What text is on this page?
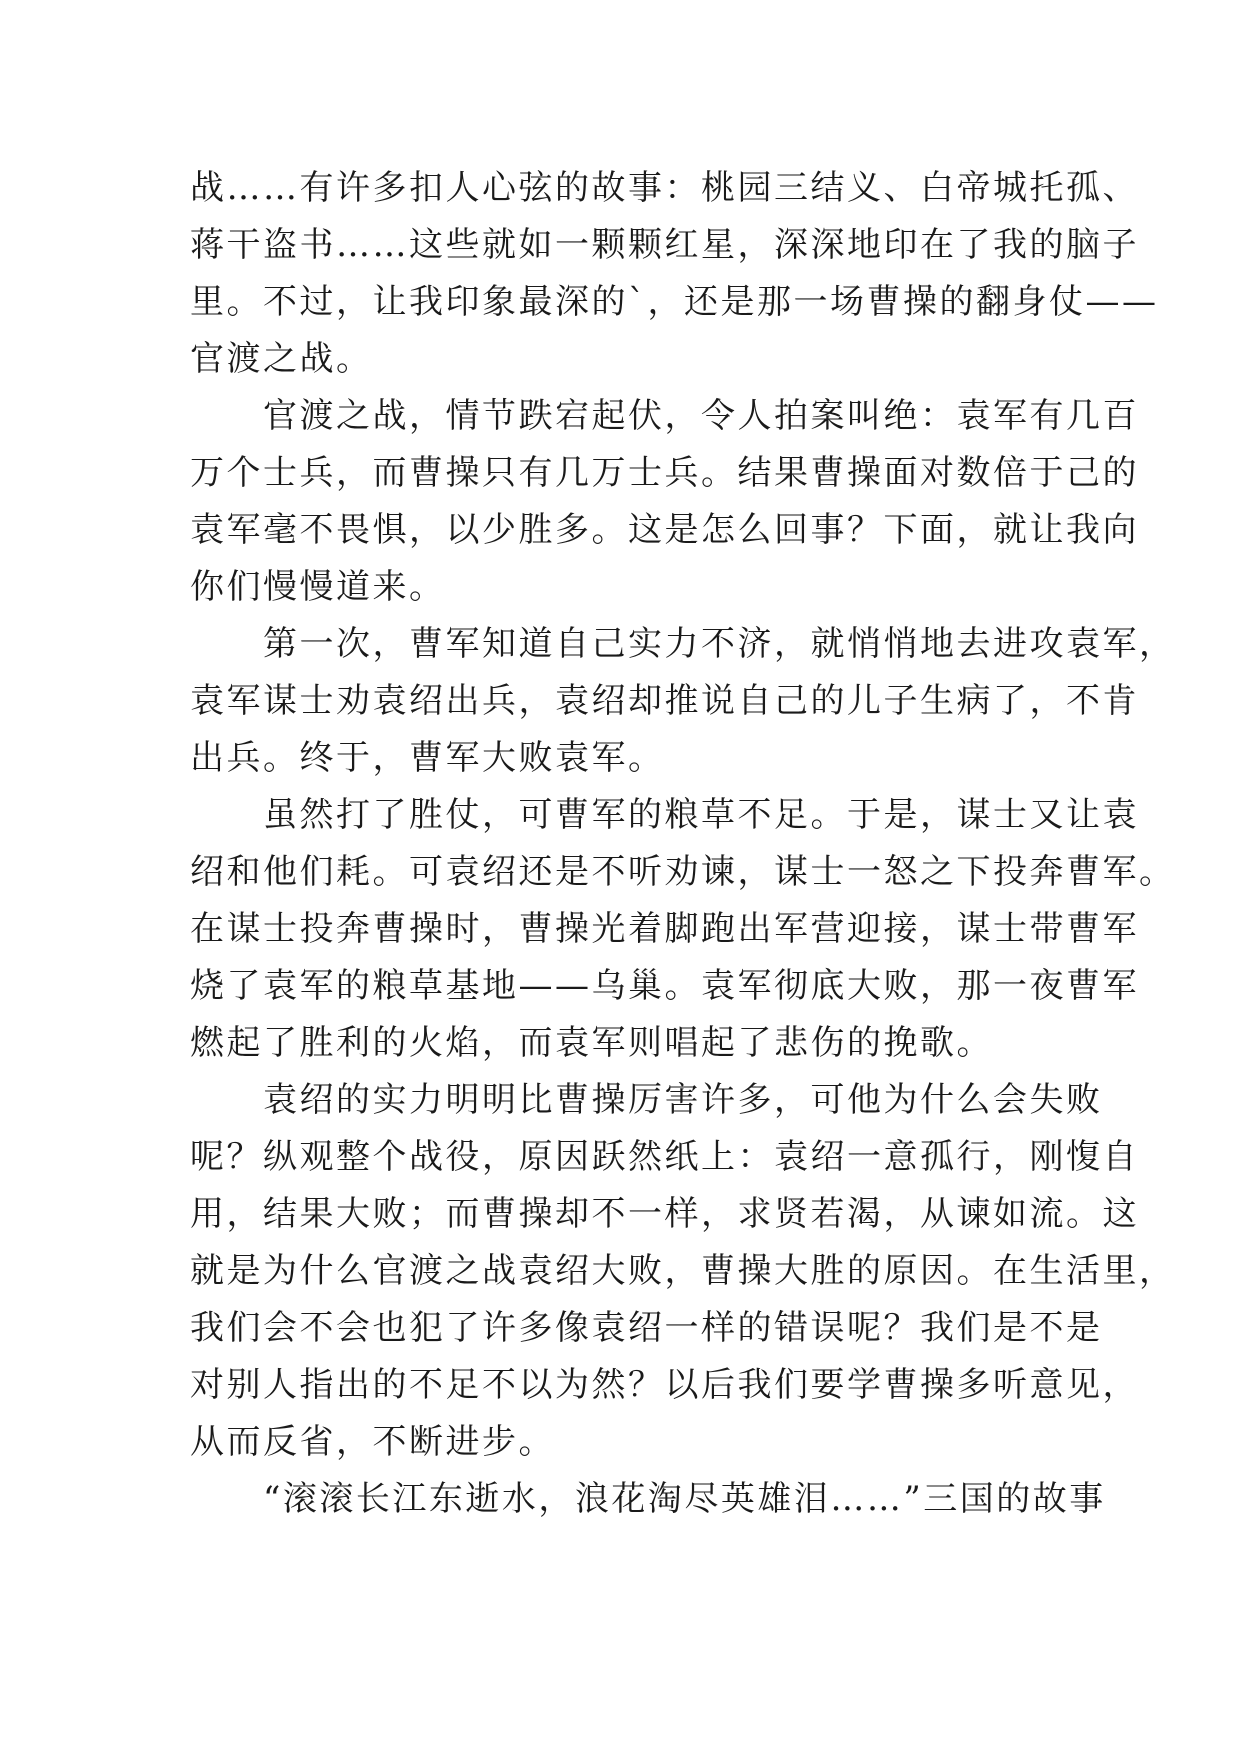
战……有许多扣人心弦的故事：桃园三结义、白帝城托孤、
蒋干盗书……这些就如一颗颗红星，深深地印在了我的脑子
里。不过，让我印象最深的`，还是那一场曹操的翻身仗——
官渡之战。
　　官渡之战，情节跌宕起伏，令人拍案叫绝：袁军有几百
万个士兵，而曹操只有几万士兵。结果曹操面对数倍于己的
袁军毫不畏惧，以少胜多。这是怎么回事？下面，就让我向
你们慢慢道来。
　　第一次，曹军知道自己实力不济，就悄悄地去进攻袁军，
袁军谋士劝袁绍出兵，袁绍却推说自己的儿子生病了，不肯
出兵。终于，曹军大败袁军。
　　虽然打了胜仗，可曹军的粮草不足。于是，谋士又让袁
绍和他们耗。可袁绍还是不听劝谏，谋士一怒之下投奔曹军。
在谋士投奔曹操时，曹操光着脚跑出军营迎接，谋士带曹军
烧了袁军的粮草基地——乌巢。袁军彻底大败，那一夜曹军
燃起了胜利的火焰，而袁军则唱起了悲伤的挽歌。
　　袁绍的实力明明比曹操厉害许多，可他为什么会失败
呢？纵观整个战役，原因跃然纸上：袁绍一意孤行，刚愎自
用，结果大败；而曹操却不一样，求贤若渴，从谏如流。这
就是为什么官渡之战袁绍大败，曹操大胜的原因。在生活里，
我们会不会也犯了许多像袁绍一样的错误呢？我们是不是
对别人指出的不足不以为然？以后我们要学曹操多听意见，
从而反省，不断进步。
　　“滚滚长江东逝水，浪花淘尽英雄泪……”三国的故事
